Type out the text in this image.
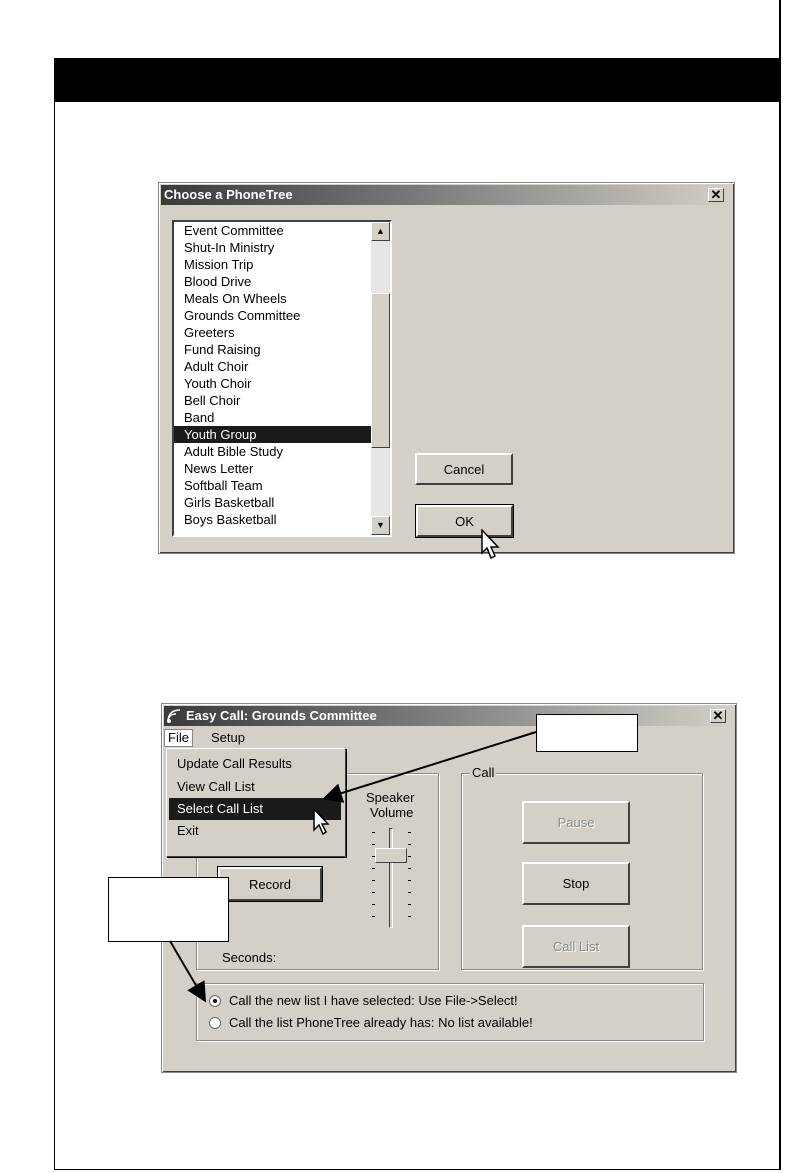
Choose a PhoneTree	✕
Event Committee
Shut-In Ministry
Mission Trip
Blood Drive
Meals On Wheels
Grounds Committee
Greeters
Fund Raising
Adult Choir
Youth Choir
Bell Choir
Band
Youth Group
Adult Bible Study
News Letter
Softball Team
Girls Basketball
Boys Basketball
▲
▼
Cancel
OK
Easy Call: Grounds Committee	✕
File	Setup
Speaker
Volume
Record
Seconds:
Call
Pause
Stop
Call List
Call the new list I have selected: Use File->Select!
Call the list PhoneTree already has: No list available!
Update Call Results
View Call List
Select Call List
Exit
